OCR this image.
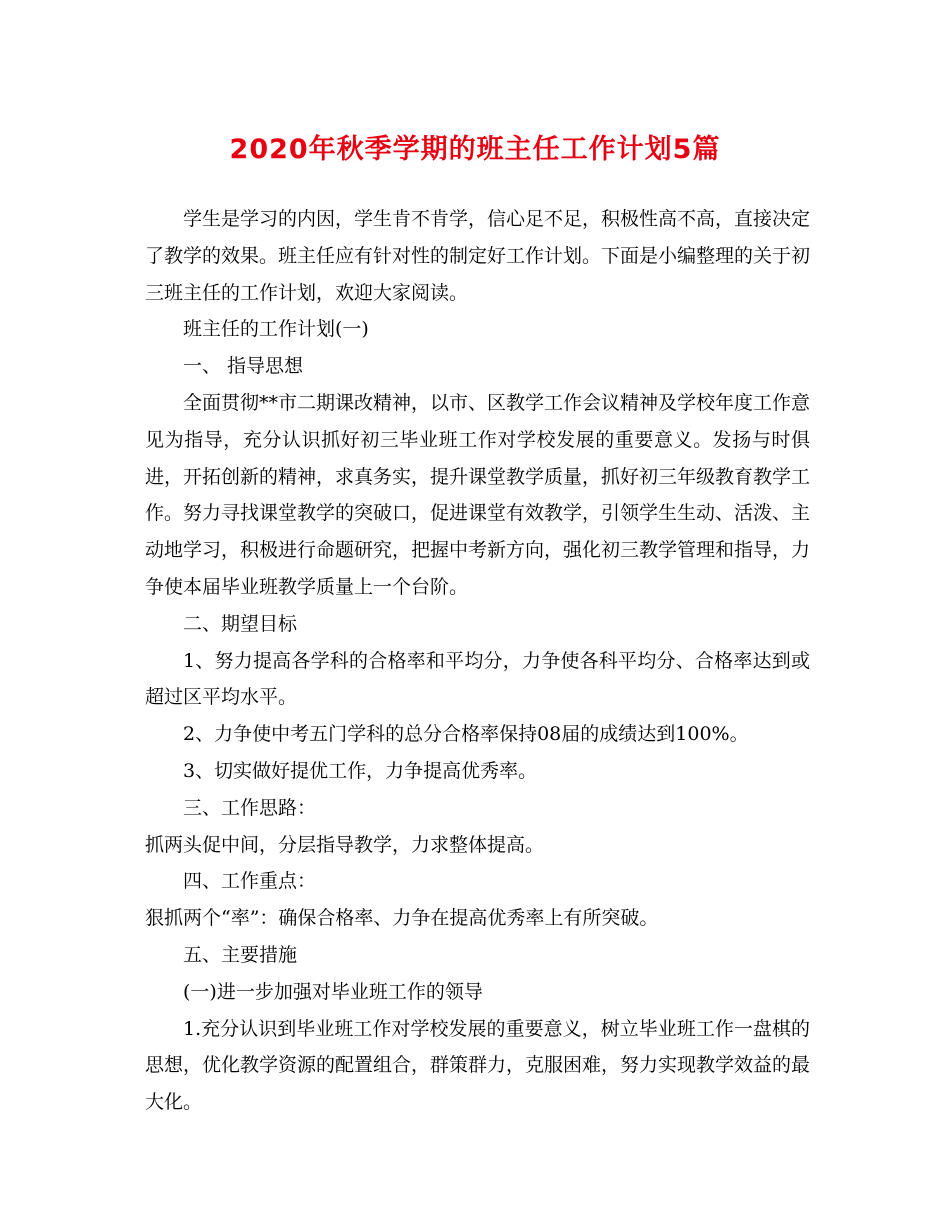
2020年秋季学期的班主任工作计划5篇

学生是学习的内因，学生肯不肯学，信心足不足，积极性高不高，直接决定了教学的效果。班主任应有针对性的制定好工作计划。下面是小编整理的关于初三班主任的工作计划，欢迎大家阅读。

班主任的工作计划(一)

一、 指导思想

全面贯彻**市二期课改精神，以市、区教学工作会议精神及学校年度工作意见为指导，充分认识抓好初三毕业班工作对学校发展的重要意义。发扬与时俱进，开拓创新的精神，求真务实，提升课堂教学质量，抓好初三年级教育教学工作。努力寻找课堂教学的突破口，促进课堂有效教学，引领学生生动、活泼、主动地学习，积极进行命题研究，把握中考新方向，强化初三教学管理和指导，力争使本届毕业班教学质量上一个台阶。

二、期望目标

1、努力提高各学科的合格率和平均分，力争使各科平均分、合格率达到或超过区平均水平。

2、力争使中考五门学科的总分合格率保持08届的成绩达到100%。

3、切实做好提优工作，力争提高优秀率。

三、工作思路：

抓两头促中间，分层指导教学，力求整体提高。

四、工作重点：

狠抓两个“率”：确保合格率、力争在提高优秀率上有所突破。

五、主要措施

(一)进一步加强对毕业班工作的领导

1.充分认识到毕业班工作对学校发展的重要意义，树立毕业班工作一盘棋的思想，优化教学资源的配置组合，群策群力，克服困难，努力实现教学效益的最大化。
